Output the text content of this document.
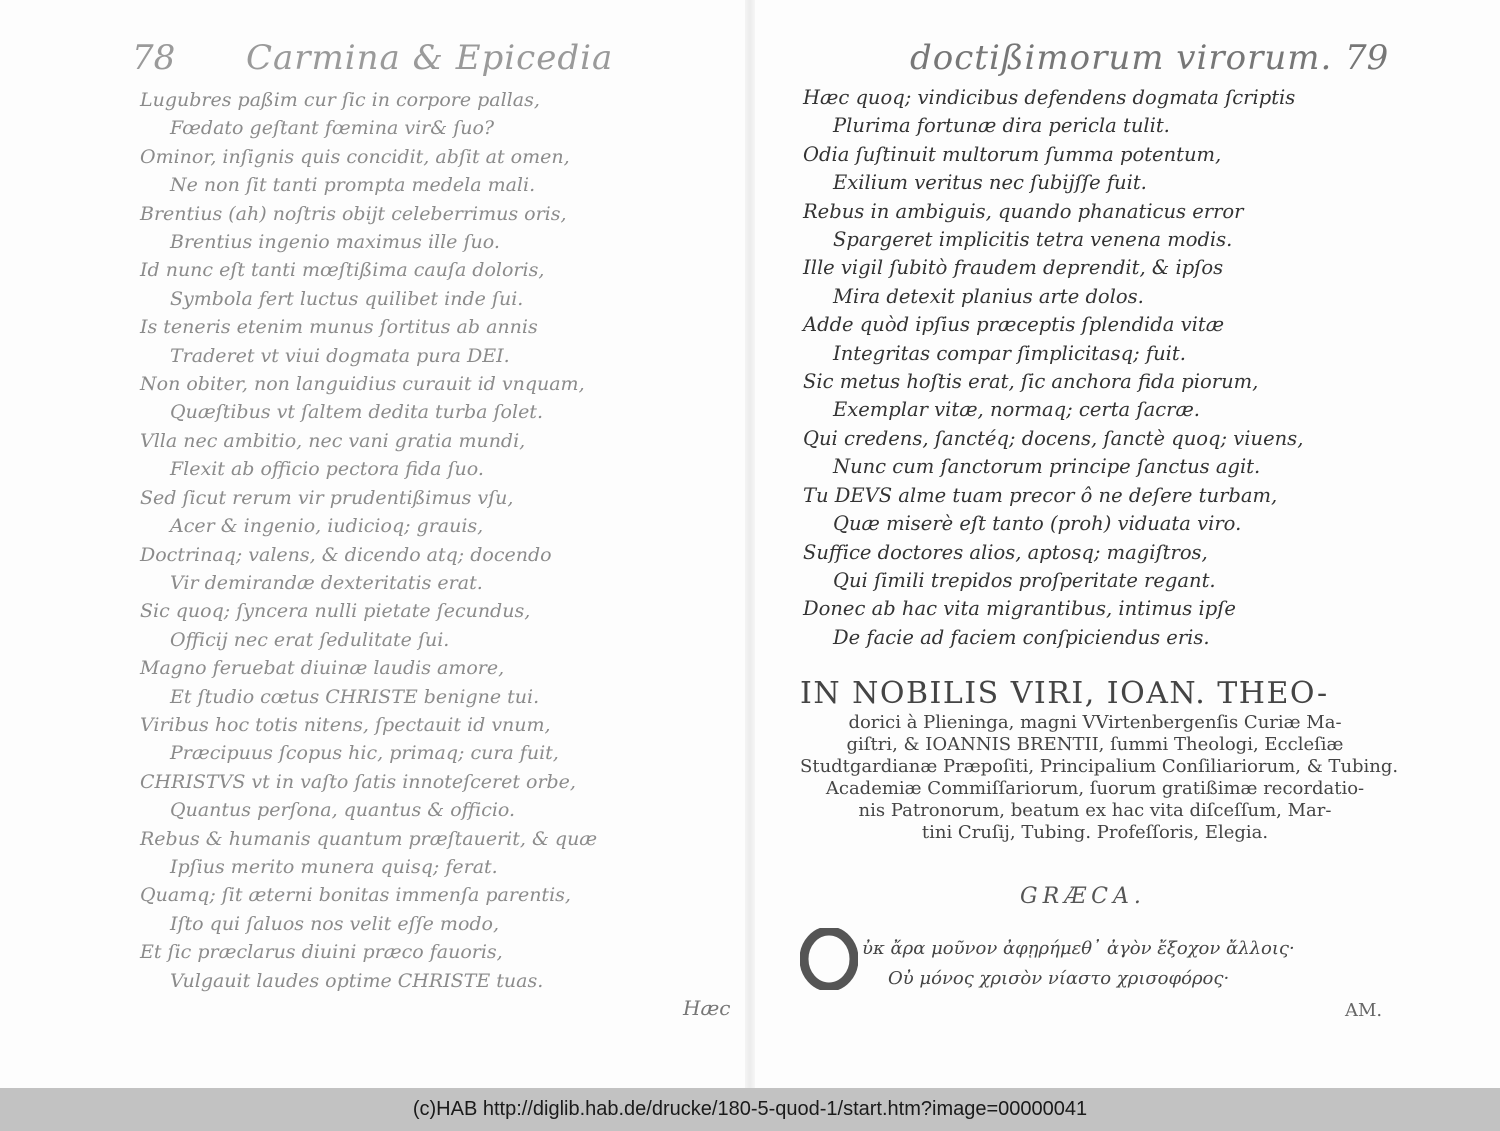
78 Carmina & Epicedia
Lugubres paßim cur ſic in corpore pallas,
Fœdato geſtant fœmina vir& ſuo?
Ominor, inſignis quis concidit, abſit at omen,
Ne non ſit tanti prompta medela mali.
Brentius (ah) noſtris obijt celeberrimus oris,
Brentius ingenio maximus ille ſuo.
Id nunc eſt tanti mœſtißima cauſa doloris,
Symbola fert luctus quilibet inde ſui.
Is teneris etenim munus ſortitus ab annis
Traderet vt viui dogmata pura DEI.
Non obiter, non languidius curauit id vnquam,
Quæſtibus vt ſaltem dedita turba ſolet.
Vlla nec ambitio, nec vani gratia mundi,
Flexit ab officio pectora fida ſuo.
Sed ſicut rerum vir prudentißimus vſu,
Acer & ingenio, iudicioq; grauis,
Doctrinaq; valens, & dicendo atq; docendo
Vir demirandæ dexteritatis erat.
Sic quoq; ſyncera nulli pietate ſecundus,
Officij nec erat ſedulitate ſui.
Magno feruebat diuinæ laudis amore,
Et ſtudio cœtus CHRISTE benigne tui.
Viribus hoc totis nitens, ſpectauit id vnum,
Præcipuus ſcopus hic, primaq; cura fuit,
CHRISTVS vt in vaſto ſatis innoteſceret orbe,
Quantus perſona, quantus & officio.
Rebus & humanis quantum præſtauerit, & quæ
Ipſius merito munera quisq; ferat.
Quamq; ſit æterni bonitas immenſa parentis,
Iſto qui ſaluos nos velit eſſe modo,
Et ſic præclarus diuini præco fauoris,
Vulgauit laudes optime CHRISTE tuas.
Hæc
doctißimorum virorum. 79
Hæc quoq; vindicibus defendens dogmata ſcriptis
Plurima fortunæ dira pericla tulit.
Odia ſuſtinuit multorum ſumma potentum,
Exilium veritus nec ſubijſſe fuit.
Rebus in ambiguis, quando phanaticus error
Spargeret implicitis tetra venena modis.
Ille vigil ſubitò fraudem deprendit, & ipſos
Mira detexit planius arte dolos.
Adde quòd ipſius præceptis ſplendida vitæ
Integritas compar ſimplicitasq; fuit.
Sic metus hoſtis erat, ſic anchora fida piorum,
Exemplar vitæ, normaq; certa ſacræ.
Qui credens, ſanctéq; docens, ſanctè quoq; viuens,
Nunc cum ſanctorum principe ſanctus agit.
Tu DEVS alme tuam precor ô ne deſere turbam,
Quæ miserè eſt tanto (proh) viduata viro.
Suffice doctores alios, aptosq; magiſtros,
Qui ſimili trepidos proſperitate regant.
Donec ab hac vita migrantibus, intimus ipſe
De facie ad faciem conſpiciendus eris.
IN NOBILIS VIRI, IOAN. THEO-
dorici à Plieninga, magni VVirtenbergenſis Curiæ Ma-
giſtri, & IOANNIS BRENTII, ſummi Theologi, Eccleſiæ
Studtgardianæ Præpoſiti, Principalium Conſiliariorum, & Tubing.
Academiæ Commiſſariorum, ſuorum gratißimæ recordatio-
nis Patronorum, beatum ex hac vita diſceſſum, Mar-
tini Cruſij, Tubing. Profeſſoris, Elegia.
GRÆCA.
ὐκ ἄρα μοῦνον ἀφῃρήμεθ᾽ ἀγὸν ἔξοχον ἄλλοις·
Οὐ μόνος χρισὸν νίαστο χρισοφόρος·
AM.
(c)HAB http://diglib.hab.de/drucke/180-5-quod-1/start.htm?image=00000041
